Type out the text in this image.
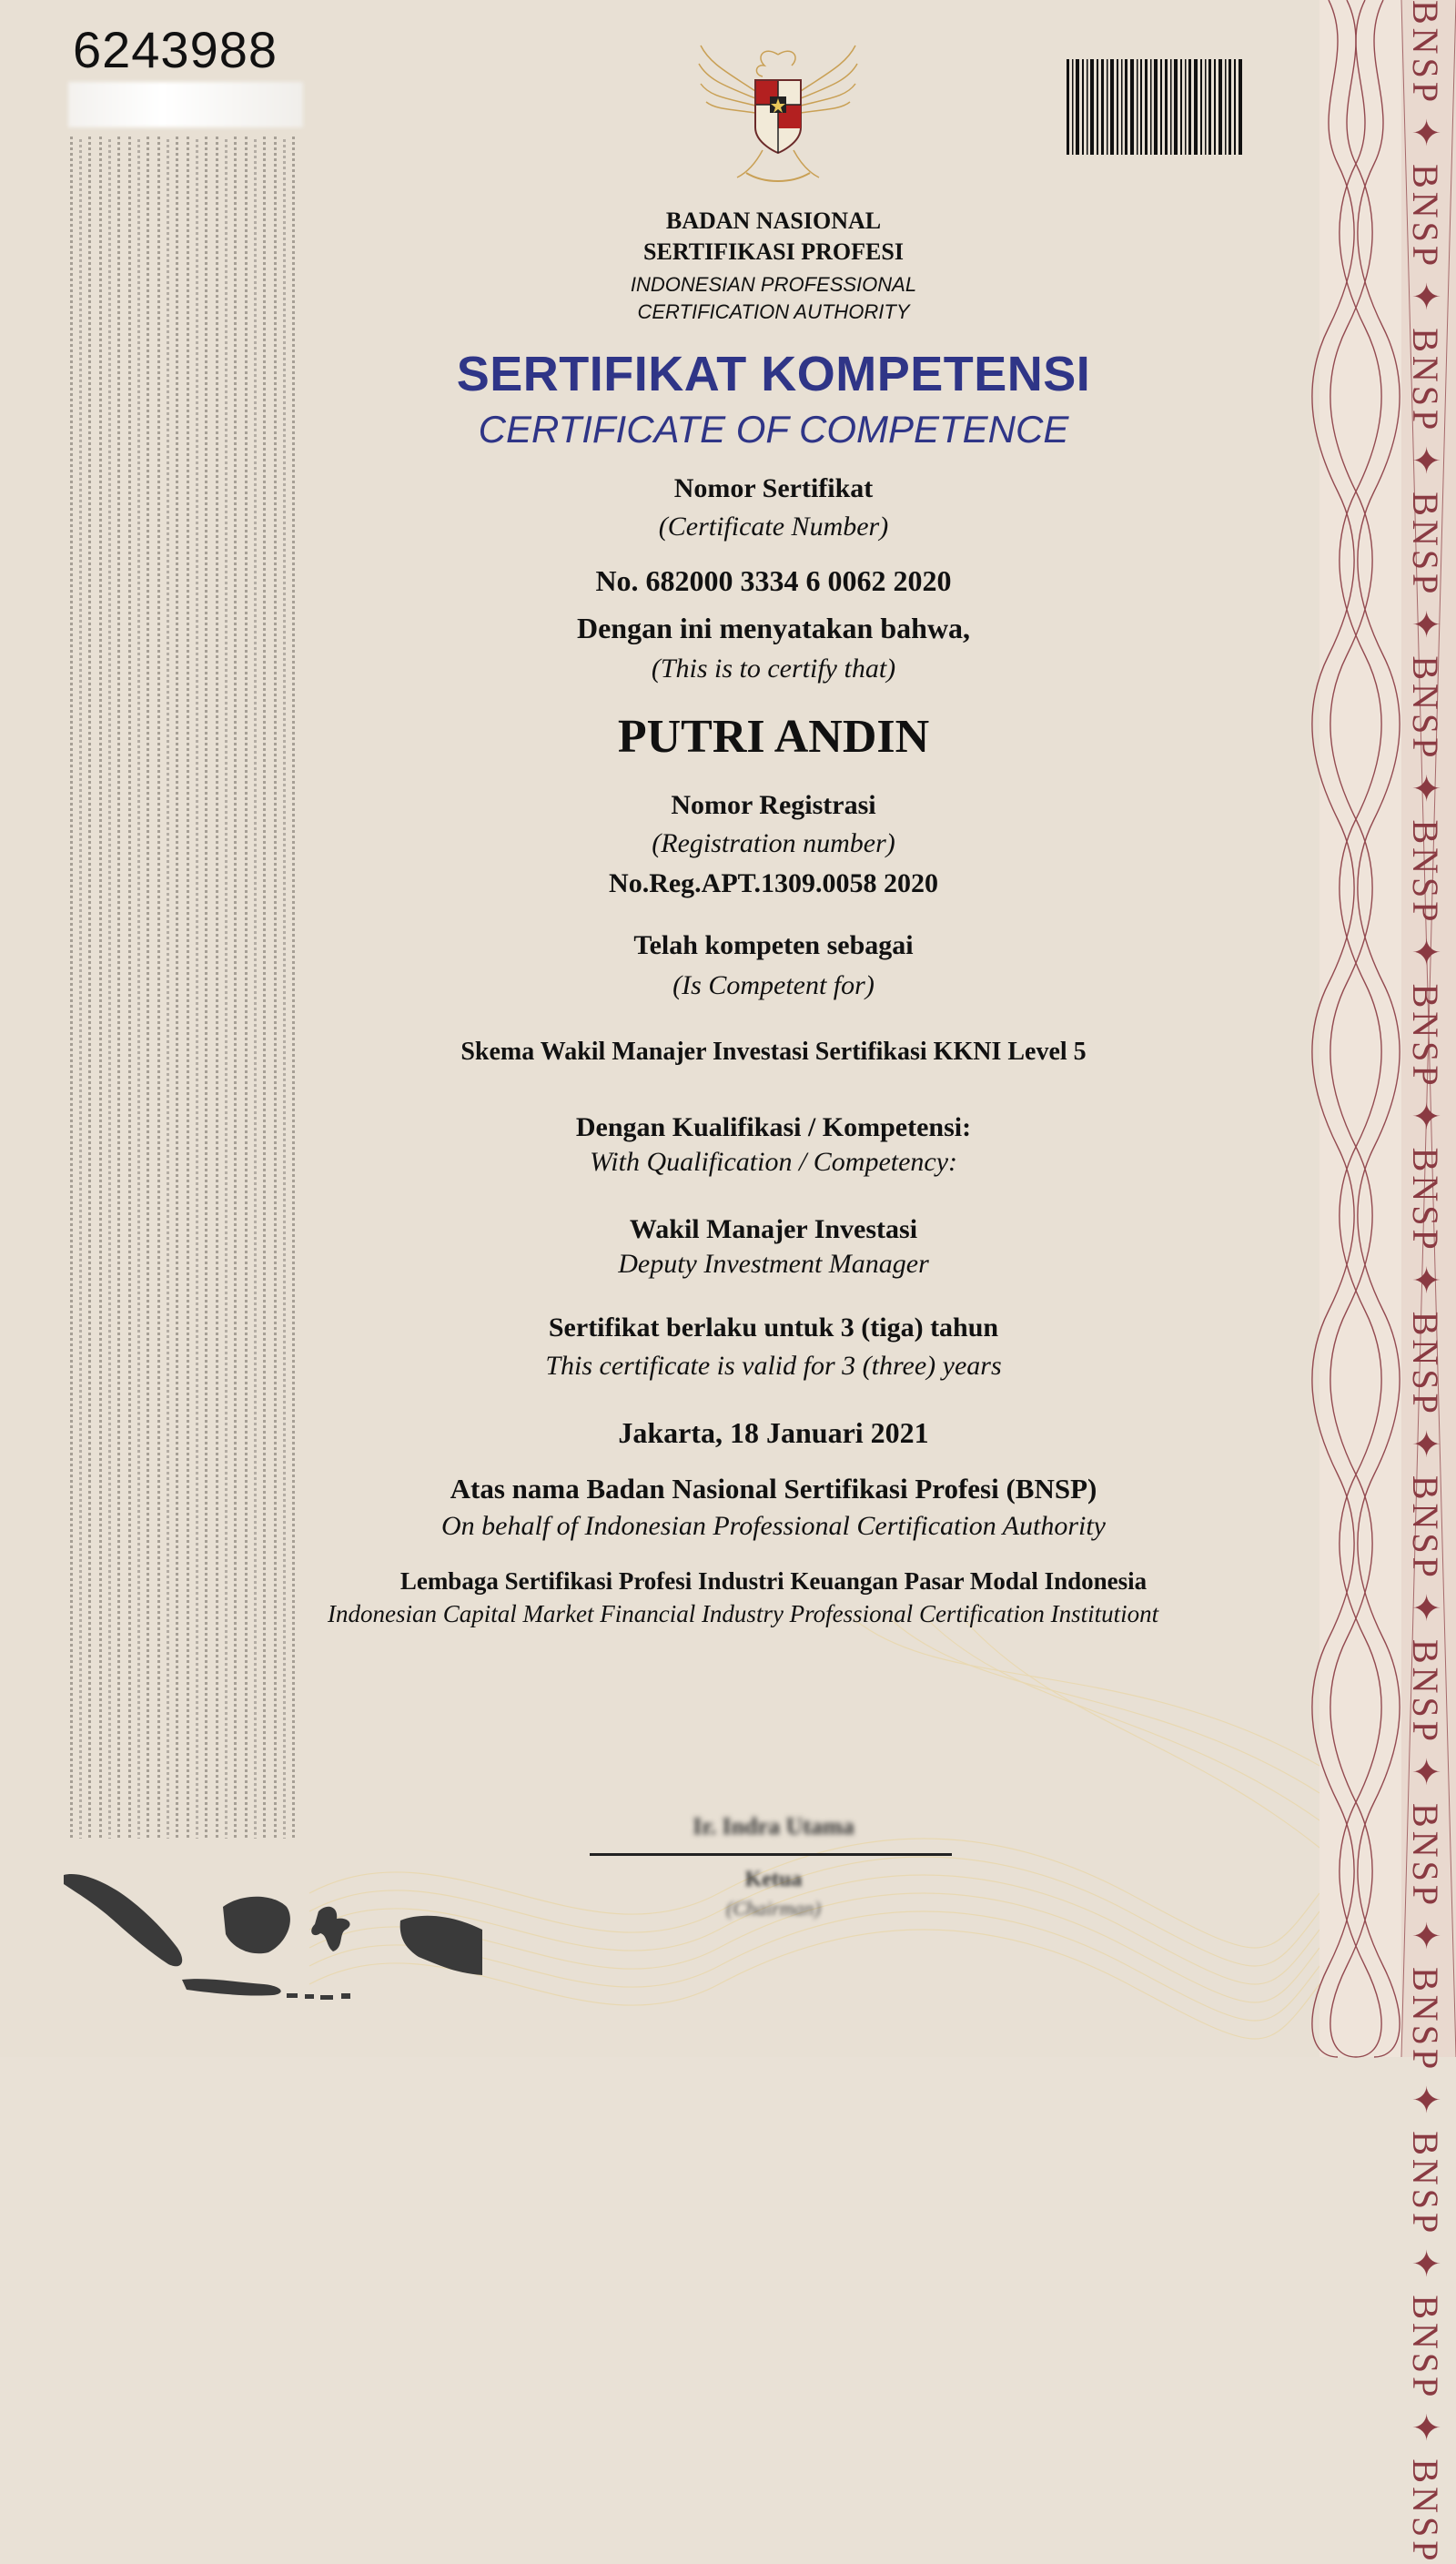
6243988
BADAN NASIONAL
SERTIFIKASI PROFESI
INDONESIAN PROFESSIONAL
CERTIFICATION AUTHORITY
SERTIFIKAT KOMPETENSI
CERTIFICATE OF COMPETENCE
Nomor Sertifikat
(Certificate Number)
No. 682000 3334 6 0062 2020
Dengan ini menyatakan bahwa,
(This is to certify that)
PUTRI ANDIN
Nomor Registrasi
(Registration number)
No.Reg.APT.1309.0058 2020
Telah kompeten sebagai
(Is Competent for)
Skema Wakil Manajer Investasi Sertifikasi KKNI Level 5
Dengan Kualifikasi / Kompetensi:
With Qualification / Competency:
Wakil Manajer Investasi
Deputy Investment Manager
Sertifikat berlaku untuk 3 (tiga) tahun
This certificate is valid for 3 (three) years
Jakarta, 18 Januari 2021
Atas nama Badan Nasional Sertifikasi Profesi (BNSP)
On behalf of Indonesian Professional Certification Authority
Lembaga Sertifikasi Profesi Industri Keuangan Pasar Modal Indonesia
Indonesian Capital Market Financial Industry Professional Certification Institutiont
Ir. Indra Utama
Ketua
(Chairman)
BNSP ✦ BNSP ✦ BNSP ✦ BNSP ✦ BNSP ✦ BNSP ✦ BNSP ✦ BNSP ✦ BNSP ✦ BNSP ✦ BNSP ✦ BNSP ✦ BNSP ✦ BNSP ✦ BNSP ✦ BNSP
